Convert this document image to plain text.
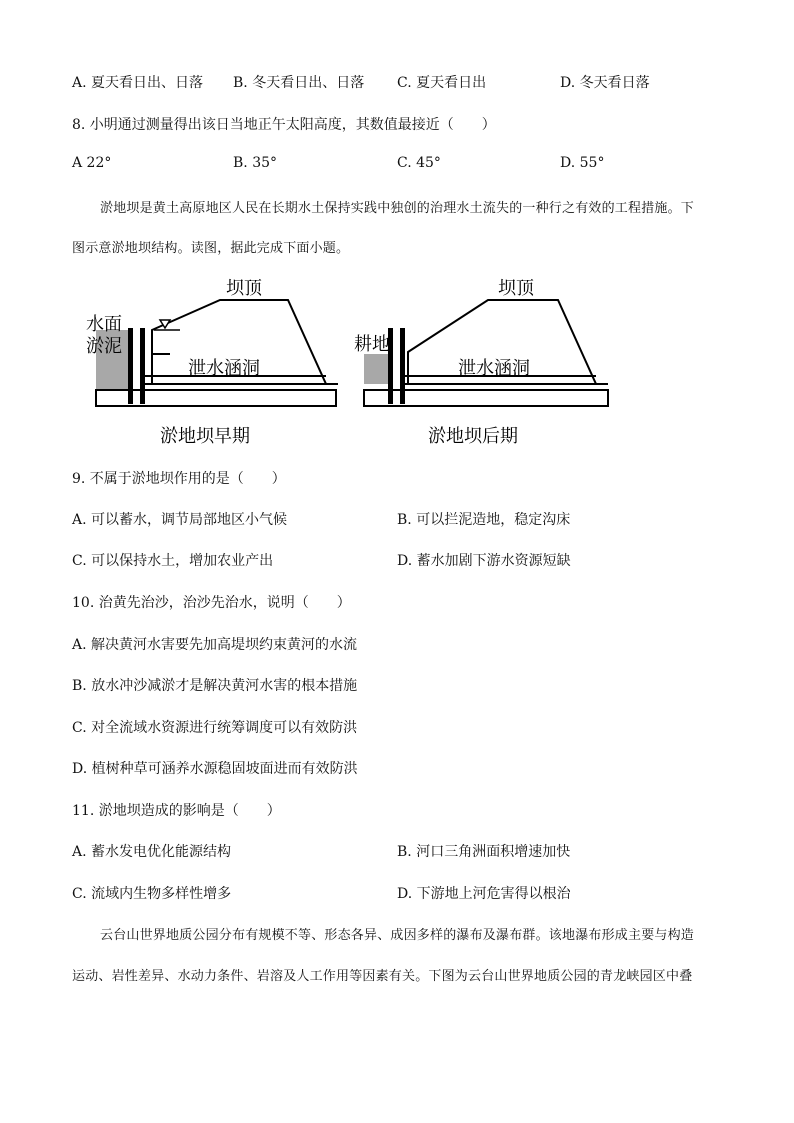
A. 夏天看日出、日落 B. 冬天看日出、日落 C. 夏天看日出	D. 冬天看日落
8. 小明通过测量得出该日当地正午太阳高度，其数值最接近（　　）
A 22°	B. 35°	C. 45°	D. 55°
淤地坝是黄土高原地区人民在长期水土保持实践中独创的治理水土流失的一种行之有效的工程措施。下
图示意淤地坝结构。读图，据此完成下面小题。
坝顶
水面
淤泥
泄水涵洞
淤地坝早期
坝顶
耕地
泄水涵洞
淤地坝后期
9. 不属于淤地坝作用的是（　　）
A. 可以蓄水，调节局部地区小气候	B. 可以拦泥造地，稳定沟床
C. 可以保持水土，增加农业产出	D. 蓄水加剧下游水资源短缺
10. 治黄先治沙，治沙先治水，说明（　　）
A. 解决黄河水害要先加高堤坝约束黄河的水流
B. 放水冲沙减淤才是解决黄河水害的根本措施
C. 对全流域水资源进行统筹调度可以有效防洪
D. 植树种草可涵养水源稳固坡面进而有效防洪
11. 淤地坝造成的影响是（　　）
A. 蓄水发电优化能源结构	B. 河口三角洲面积增速加快
C. 流域内生物多样性增多	D. 下游地上河危害得以根治
云台山世界地质公园分布有规模不等、形态各异、成因多样的瀑布及瀑布群。该地瀑布形成主要与构造
运动、岩性差异、水动力条件、岩溶及人工作用等因素有关。下图为云台山世界地质公园的青龙峡园区中叠
